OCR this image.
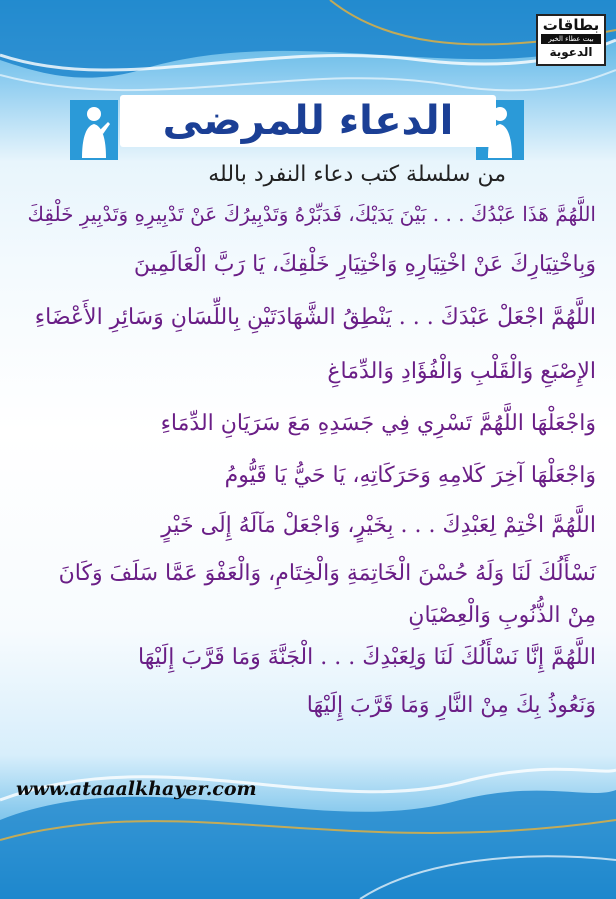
بطاقات
بيت عطاء الخير
الدعوية
الدعاء للمرضى
من سلسلة كتب دعاء النفرد بالله
اللَّهُمَّ هَذَا عَبْدُكَ . . . بَيْنَ يَدَيْكَ، فَدَبِّرْهُ وَتَدْبِيرُكَ عَنْ تَدْبِيرِهِ وَتَدْبِيرِ خَلْقِكَ
وَبِاخْتِيَارِكَ عَنْ اخْتِيَارِهِ وَاخْتِيَارِ خَلْقِكَ، يَا رَبَّ الْعَالَمِينَ
اللَّهُمَّ اجْعَلْ عَبْدَكَ . . . يَنْطِقُ الشَّهَادَتَيْنِ بِاللِّسَانِ وَسَائِرِ الأَعْضَاءِ
الإِصْبَعِ وَالْقَلْبِ وَالْفُؤَادِ وَالدِّمَاغِ
وَاجْعَلْهَا اللَّهُمَّ تَسْرِي فِي جَسَدِهِ مَعَ سَرَيَانِ الدِّمَاءِ
وَاجْعَلْهَا آخِرَ كَلامِهِ وَحَرَكَاتِهِ، يَا حَيُّ يَا قَيُّومُ
اللَّهُمَّ اخْتِمْ لِعَبْدِكَ . . . بِخَيْرٍ، وَاجْعَلْ مَآلَهُ إِلَى خَيْرٍ
نَسْأَلُكَ لَنَا وَلَهُ حُسْنَ الْخَاتِمَةِ وَالْخِتَامِ، وَالْعَفْوَ عَمَّا سَلَفَ وَكَانَ
مِنْ الذُّنُوبِ وَالْعِصْيَانِ
اللَّهُمَّ إِنَّا نَسْأَلُكَ لَنَا وَلِعَبْدِكَ . . . الْجَنَّةَ وَمَا قَرَّبَ إِلَيْهَا
وَنَعُوذُ بِكَ مِنْ النَّارِ وَمَا قَرَّبَ إِلَيْهَا
www.ataaalkhayer.com
